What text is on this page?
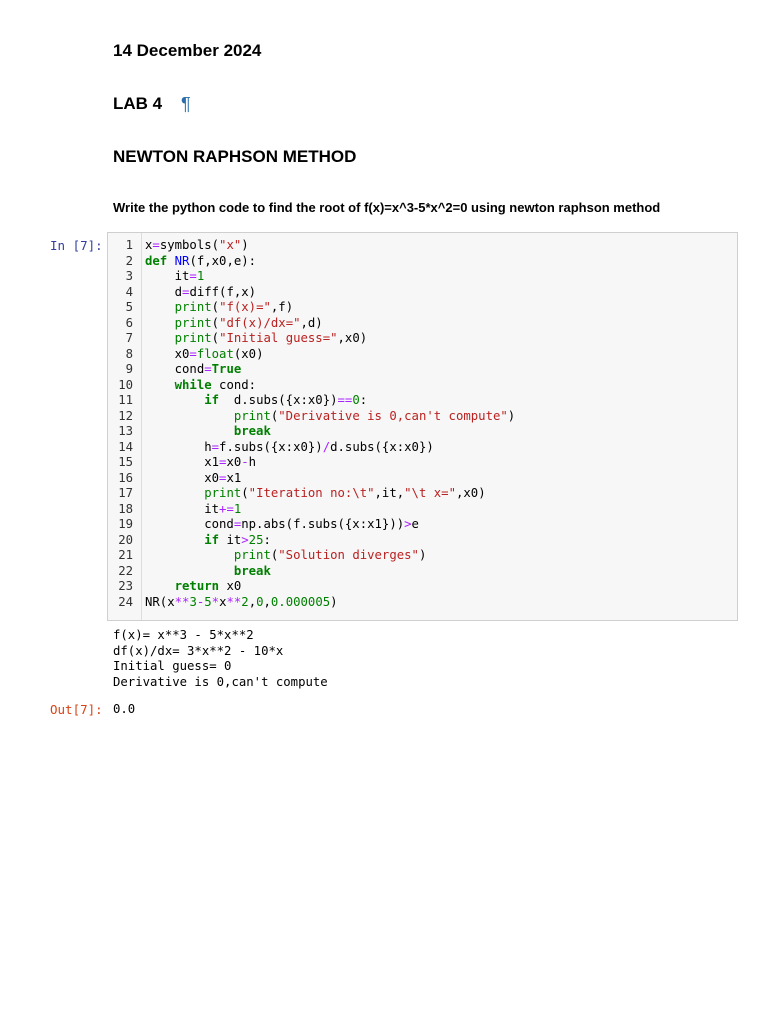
14 December 2024
LAB 4 ¶
NEWTON RAPHSON METHOD
Write the python code to find the root of f(x)=x^3-5*x^2=0 using newton raphson method
In [7]:	1
2
3
4
5
6
7
8
9
10
11
12
13
14
15
16
17
18
19
20
21
22
23
24
x=symbols("x")
def NR(f,x0,e):
it=1
d=diff(f,x)
print("f(x)=",f)
print("df(x)/dx=",d)
print("Initial guess=",x0)
x0=float(x0)
cond=True
while cond:
if  d.subs({x:x0})==0:
print("Derivative is 0,can't compute")
break
h=f.subs({x:x0})/d.subs({x:x0})
x1=x0-h
x0=x1
print("Iteration no:\t",it,"\t x=",x0)
it+=1
cond=np.abs(f.subs({x:x1}))>e
if it>25:
print("Solution diverges")
break
return x0
NR(x**3-5*x**2,0,0.000005)
f(x)= x**3 - 5*x**2
df(x)/dx= 3*x**2 - 10*x
Initial guess= 0
Derivative is 0,can't compute
Out[7]: 0.0
